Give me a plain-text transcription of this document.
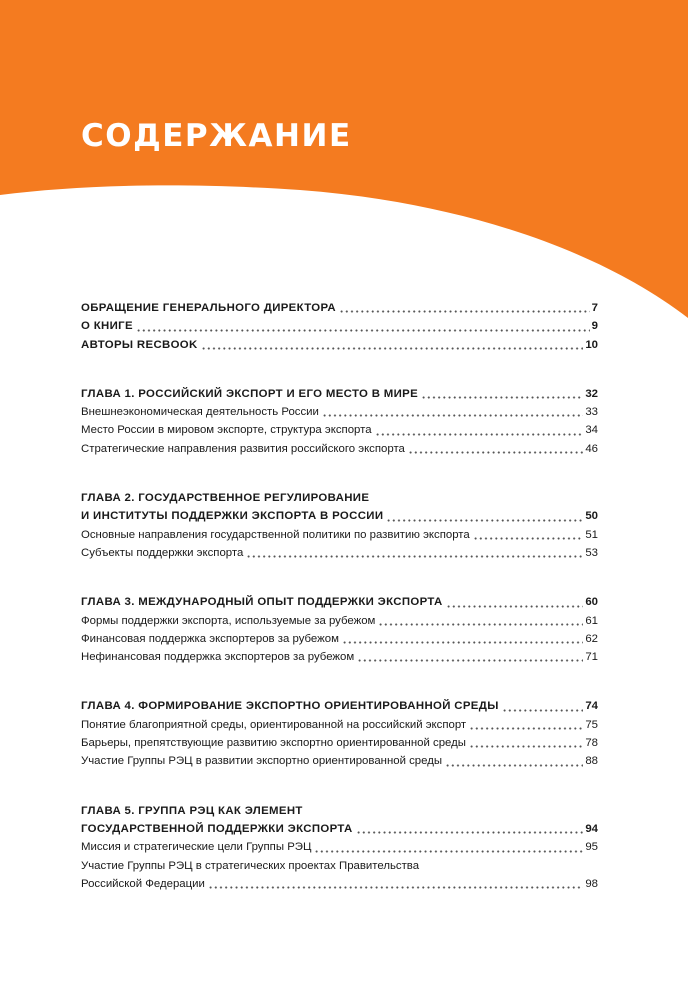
СОДЕРЖАНИЕ
ОБРАЩЕНИЕ ГЕНЕРАЛЬНОГО ДИРЕКТОРА	7
О КНИГЕ	9
АВТОРЫ RECBOOK	10
ГЛАВА 1. РОССИЙСКИЙ ЭКСПОРТ И ЕГО МЕСТО В МИРЕ	32
Внешнеэкономическая деятельность России	33
Место России в мировом экспорте, структура экспорта	34
Стратегические направления развития российского экспорта	46
ГЛАВА 2. ГОСУДАРСТВЕННОЕ РЕГУЛИРОВАНИЕ
И ИНСТИТУТЫ ПОДДЕРЖКИ ЭКСПОРТА В РОССИИ	50
Основные направления государственной политики по развитию экспорта	51
Субъекты поддержки экспорта	53
ГЛАВА 3. МЕЖДУНАРОДНЫЙ ОПЫТ ПОДДЕРЖКИ ЭКСПОРТА	60
Формы поддержки экспорта, используемые за рубежом	61
Финансовая поддержка экспортеров за рубежом	62
Нефинансовая поддержка экспортеров за рубежом	71
ГЛАВА 4. ФОРМИРОВАНИЕ ЭКСПОРТНО ОРИЕНТИРОВАННОЙ СРЕДЫ	74
Понятие благоприятной среды, ориентированной на российский экспорт	75
Барьеры, препятствующие развитию экспортно ориентированной среды	78
Участие Группы РЭЦ в развитии экспортно ориентированной среды	88
ГЛАВА 5. ГРУППА РЭЦ КАК ЭЛЕМЕНТ
ГОСУДАРСТВЕННОЙ ПОДДЕРЖКИ ЭКСПОРТА	94
Миссия и стратегические цели Группы РЭЦ	95
Участие Группы РЭЦ в стратегических проектах Правительства
Российской Федерации	98
